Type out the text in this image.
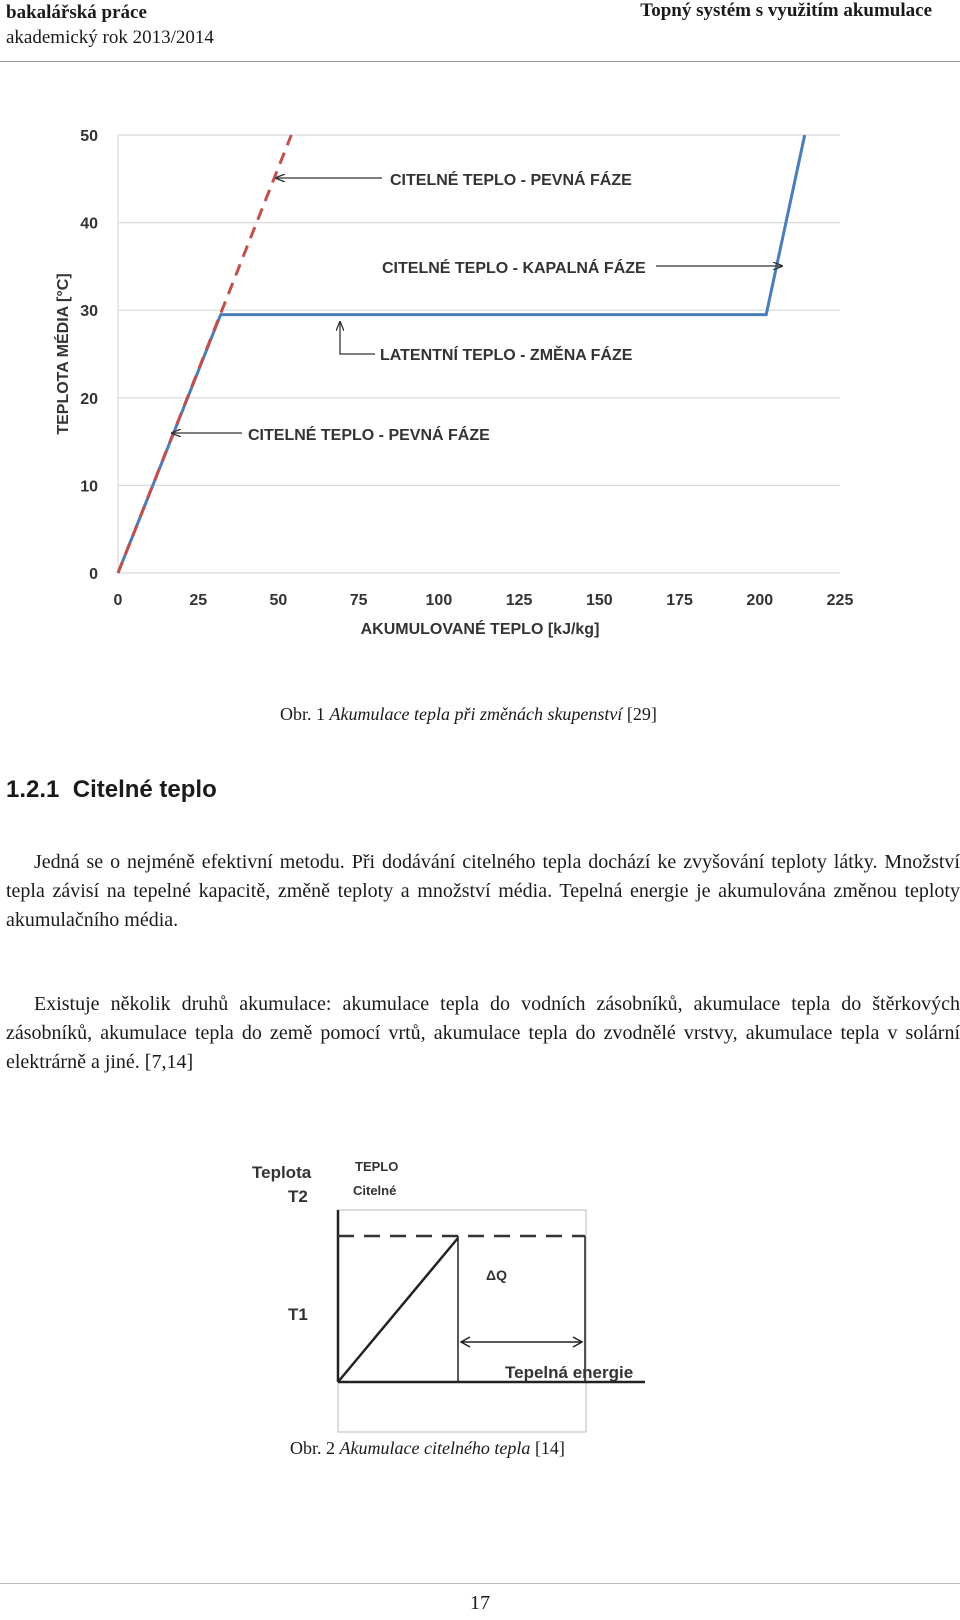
bakalářská práce
akademický rok 2013/2014
Topný systém s využitím akumulace
0
10
20
30
40
50
0	25	50	75	100	125	150	175	200	225
CITELNÉ TEPLO - PEVNÁ FÁZE
CITELNÉ TEPLO - KAPALNÁ FÁZE
LATENTNÍ TEPLO - ZMĚNA FÁZE
CITELNÉ TEPLO - PEVNÁ FÁZE
AKUMULOVANÉ TEPLO [kJ/kg]
TEPLOTA MÉDIA [°C]
Obr. 1 Akumulace tepla při změnách skupenství [29]
1.2.1 Citelné teplo
Jedná se o nejméně efektivní metodu. Při dodávání citelného tepla dochází ke zvyšování teploty látky. Množství tepla závisí na tepelné kapacitě, změně teploty a množství média. Tepelná energie je akumulována změnou teploty akumulačního média.
Existuje několik druhů akumulace: akumulace tepla do vodních zásobníků, akumulace tepla do štěrkových zásobníků, akumulace tepla do země pomocí vrtů, akumulace tepla do zvodnělé vrstvy, akumulace tepla v solární elektrárně a jiné. [7,14]
Teplota	TEPLO
Citelné
T2
T1
ΔQ
Tepelná energie
Obr. 2 Akumulace citelného tepla [14]
17
